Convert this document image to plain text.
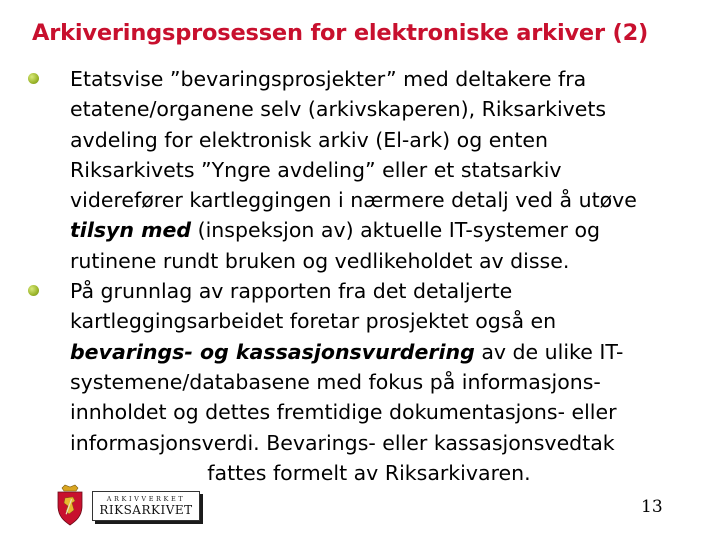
Arkiveringsprosessen for elektroniske arkiver (2)
Etatsvise ”bevaringsprosjekter” med deltakere fra
etatene/organene selv (arkivskaperen), Riksarkivets
avdeling for elektronisk arkiv (El-ark) og enten
Riksarkivets ”Yngre avdeling” eller et statsarkiv
viderefører kartleggingen i nærmere detalj ved å utøve
tilsyn med (inspeksjon av) aktuelle IT-systemer og
rutinene rundt bruken og vedlikeholdet av disse.
På grunnlag av rapporten fra det detaljerte
kartleggingsarbeidet foretar prosjektet også en
bevarings- og kassasjonsvurdering av de ulike IT-
systemene/databasene med fokus på informasjons-
innholdet og dettes fremtidige dokumentasjons- eller
informasjonsverdi. Bevarings- eller kassasjonsvedtak
fattes formelt av Riksarkivaren.
ARKIVVERKET
RIKSARKIVET	13
